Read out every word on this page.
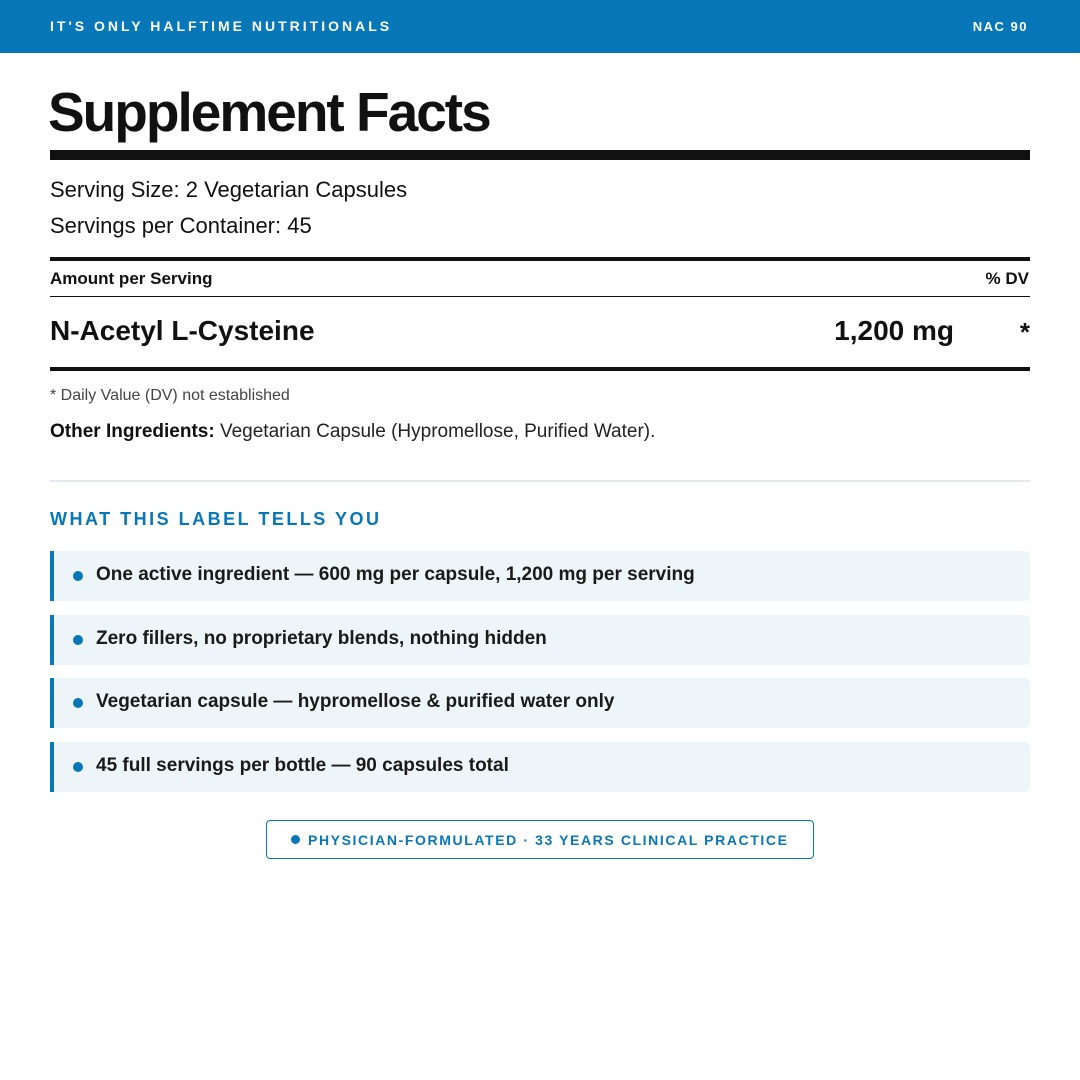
IT'S ONLY HALFTIME NUTRITIONALS	NAC 90
Supplement Facts
Serving Size: 2 Vegetarian Capsules
Servings per Container: 45
Amount per Serving	% DV
N-Acetyl L-Cysteine	1,200 mg	*
* Daily Value (DV) not established
Other Ingredients: Vegetarian Capsule (Hypromellose, Purified Water).
WHAT THIS LABEL TELLS YOU
One active ingredient — 600 mg per capsule, 1,200 mg per serving
Zero fillers, no proprietary blends, nothing hidden
Vegetarian capsule — hypromellose & purified water only
45 full servings per bottle — 90 capsules total
PHYSICIAN-FORMULATED · 33 YEARS CLINICAL PRACTICE
